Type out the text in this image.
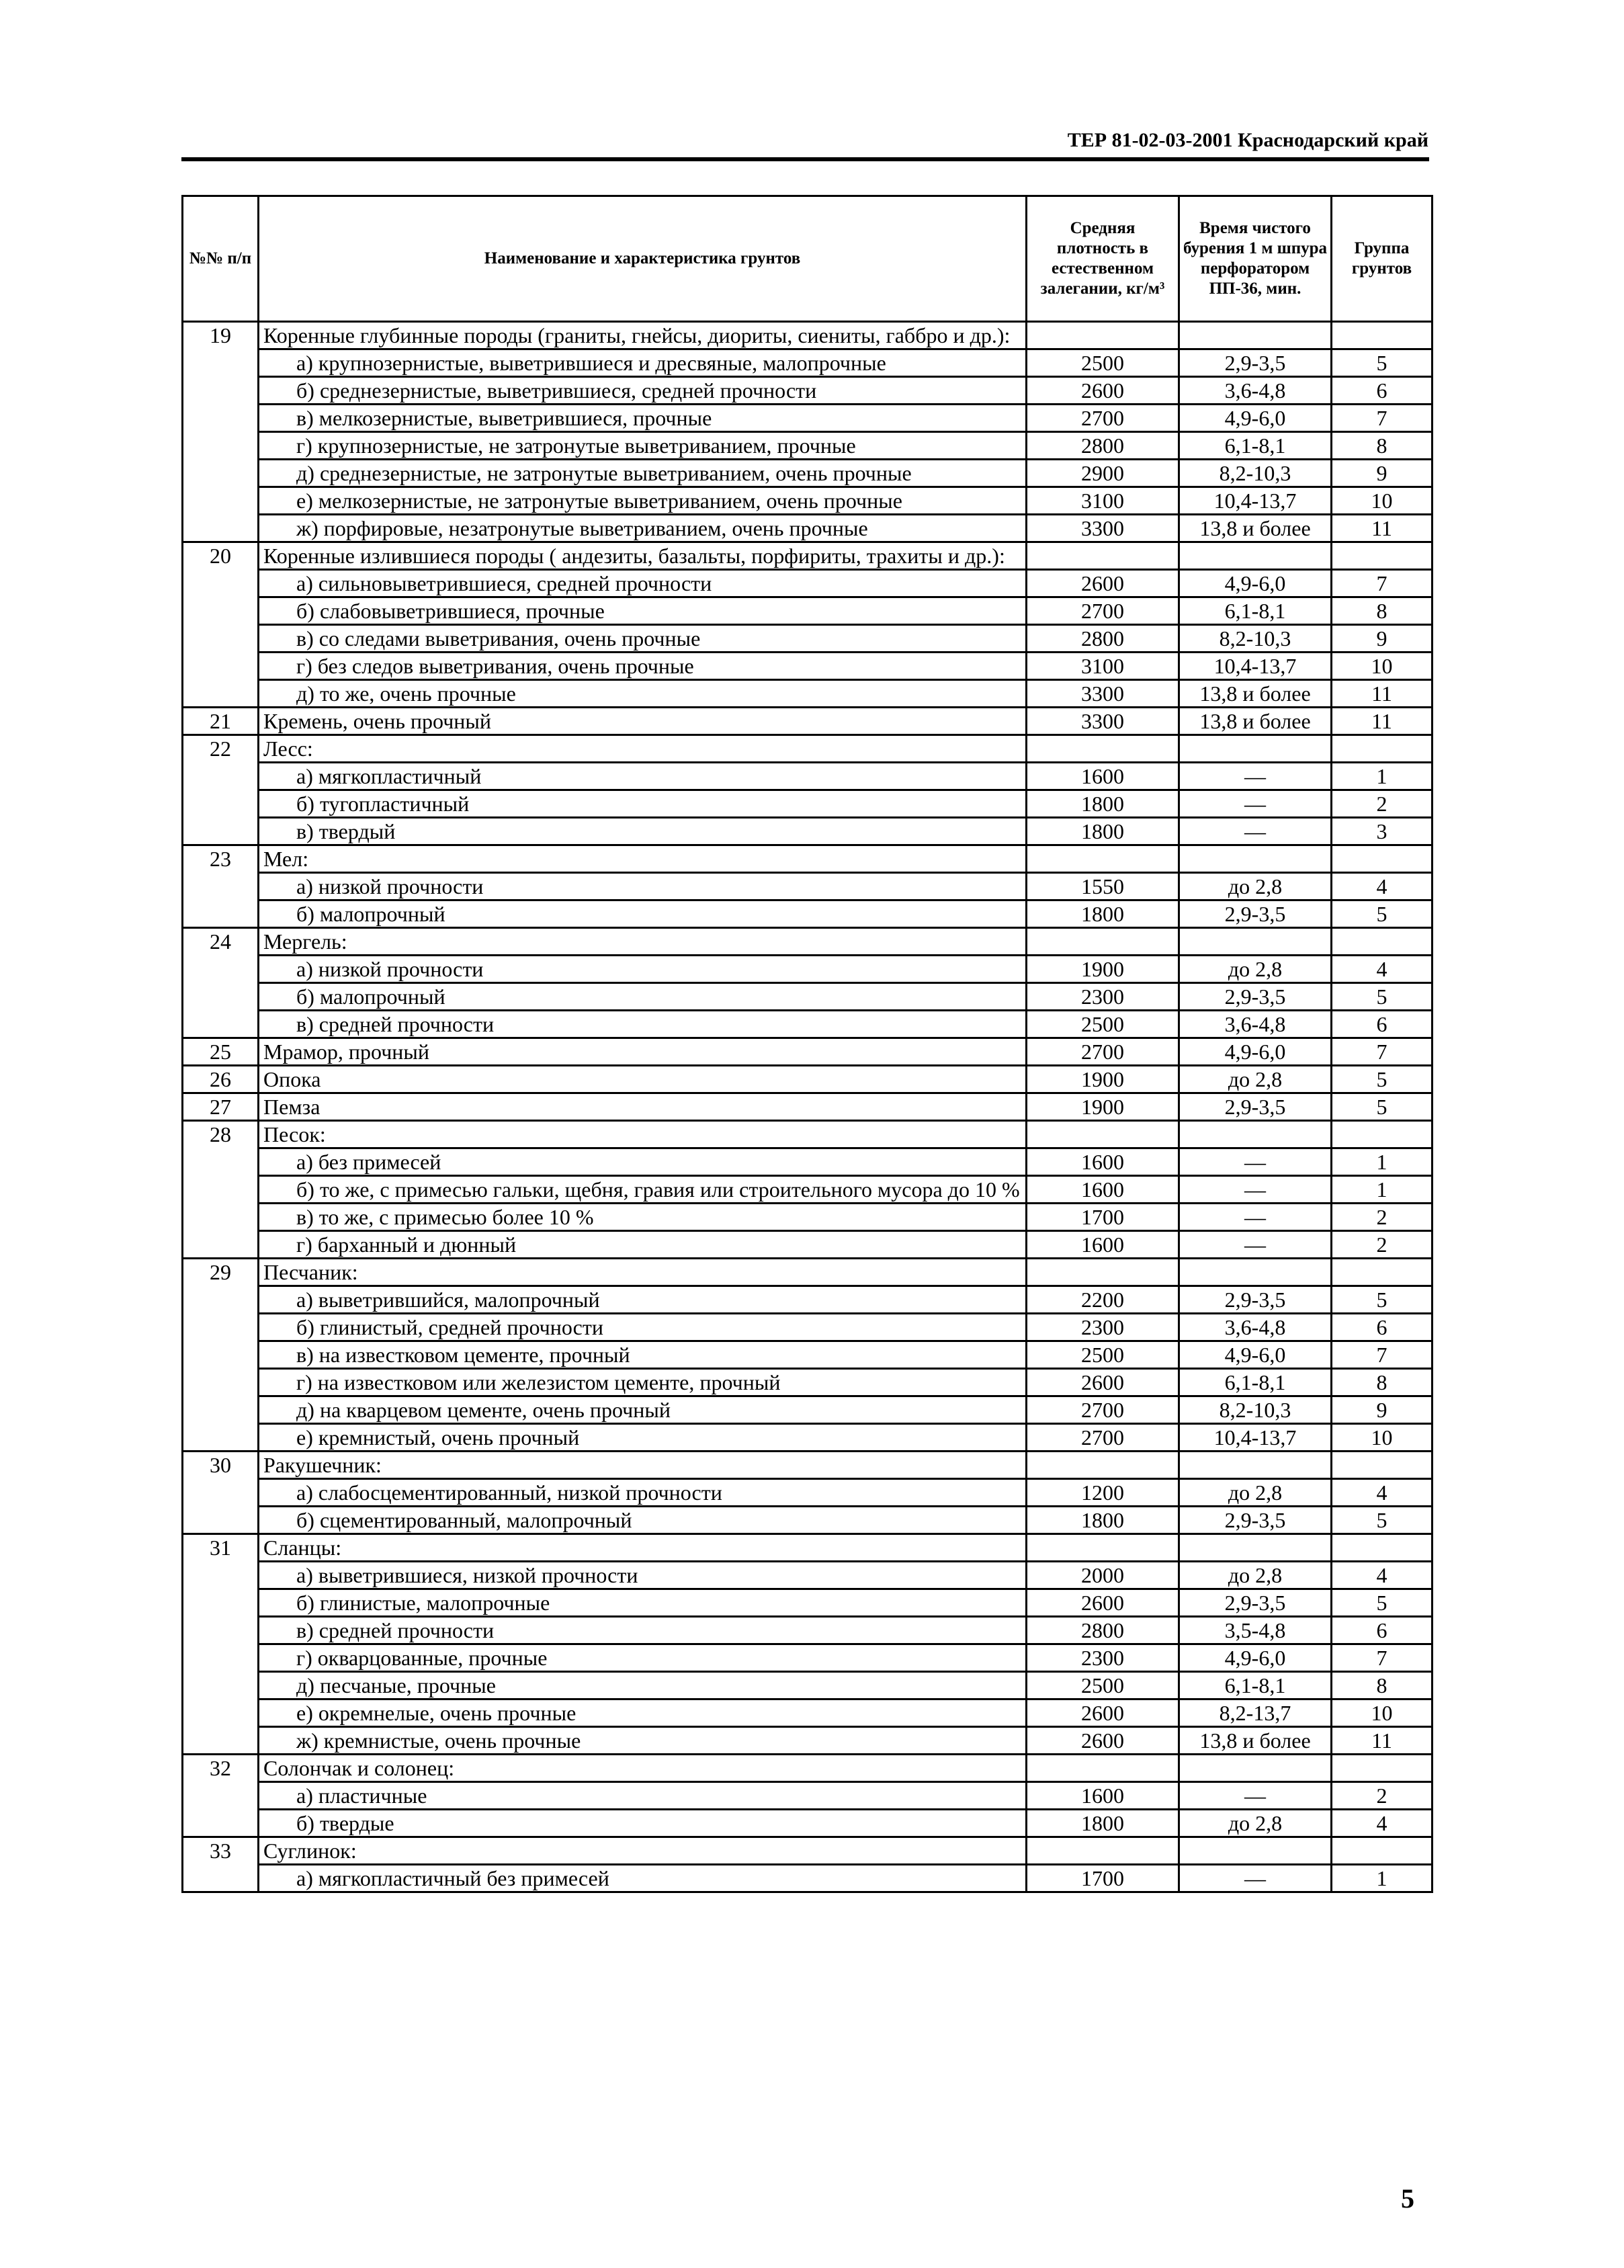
ТЕР 81-02-03-2001 Краснодарский край
№№ п/п	Наименование и характеристика грунтов	Средняя плотность в естественном залегании, кг/м³	Время чистого бурения 1 м шпура перфоратором ПП-36, мин.	Группа грунтов
19	Коренные глубинные породы (граниты, гнейсы, диориты, сиениты, габбро и др.):			
	а) крупнозернистые, выветрившиеся и дресвяные, малопрочные	2500	2,9-3,5	5
	б) среднезернистые, выветрившиеся, средней прочности	2600	3,6-4,8	6
	в) мелкозернистые, выветрившиеся, прочные	2700	4,9-6,0	7
	г) крупнозернистые, не затронутые выветриванием, прочные	2800	6,1-8,1	8
	д) среднезернистые, не затронутые выветриванием, очень прочные	2900	8,2-10,3	9
	е) мелкозернистые, не затронутые выветриванием, очень прочные	3100	10,4-13,7	10
	ж) порфировые, незатронутые выветриванием, очень прочные	3300	13,8 и более	11
20	Коренные излившиеся породы ( андезиты, базальты, порфириты, трахиты и др.):			
	а) сильновыветрившиеся, средней прочности	2600	4,9-6,0	7
	б) слабовыветрившиеся, прочные	2700	6,1-8,1	8
	в) со следами выветривания, очень прочные	2800	8,2-10,3	9
	г) без следов выветривания, очень прочные	3100	10,4-13,7	10
	д) то же, очень прочные	3300	13,8 и более	11
21	Кремень, очень прочный	3300	13,8 и более	11
22	Лесс:			
	а) мягкопластичный	1600	—	1
	б) тугопластичный	1800	—	2
	в) твердый	1800	—	3
23	Мел:			
	а) низкой прочности	1550	до 2,8	4
	б) малопрочный	1800	2,9-3,5	5
24	Мергель:			
	а) низкой прочности	1900	до 2,8	4
	б) малопрочный	2300	2,9-3,5	5
	в) средней прочности	2500	3,6-4,8	6
25	Мрамор, прочный	2700	4,9-6,0	7
26	Опока	1900	до 2,8	5
27	Пемза	1900	2,9-3,5	5
28	Песок:			
	а) без примесей	1600	—	1
	б) то же, с примесью гальки, щебня, гравия или строительного мусора до 10 %	1600	—	1
	в) то же, с примесью более 10 %	1700	—	2
	г) барханный и дюнный	1600	—	2
29	Песчаник:			
	а) выветрившийся, малопрочный	2200	2,9-3,5	5
	б) глинистый, средней прочности	2300	3,6-4,8	6
	в) на известковом цементе, прочный	2500	4,9-6,0	7
	г) на известковом или железистом цементе, прочный	2600	6,1-8,1	8
	д) на кварцевом цементе, очень прочный	2700	8,2-10,3	9
	е) кремнистый, очень прочный	2700	10,4-13,7	10
30	Ракушечник:			
	а) слабосцементированный, низкой прочности	1200	до 2,8	4
	б) сцементированный, малопрочный	1800	2,9-3,5	5
31	Сланцы:			
	а) выветрившиеся, низкой прочности	2000	до 2,8	4
	б) глинистые, малопрочные	2600	2,9-3,5	5
	в) средней прочности	2800	3,5-4,8	6
	г) окварцованные, прочные	2300	4,9-6,0	7
	д) песчаные, прочные	2500	6,1-8,1	8
	е) окремнелые, очень прочные	2600	8,2-13,7	10
	ж) кремнистые, очень прочные	2600	13,8 и более	11
32	Солончак и солонец:			
	а) пластичные	1600	—	2
	б) твердые	1800	до 2,8	4
33	Суглинок:			
	а) мягкопластичный без примесей	1700	—	1
5
